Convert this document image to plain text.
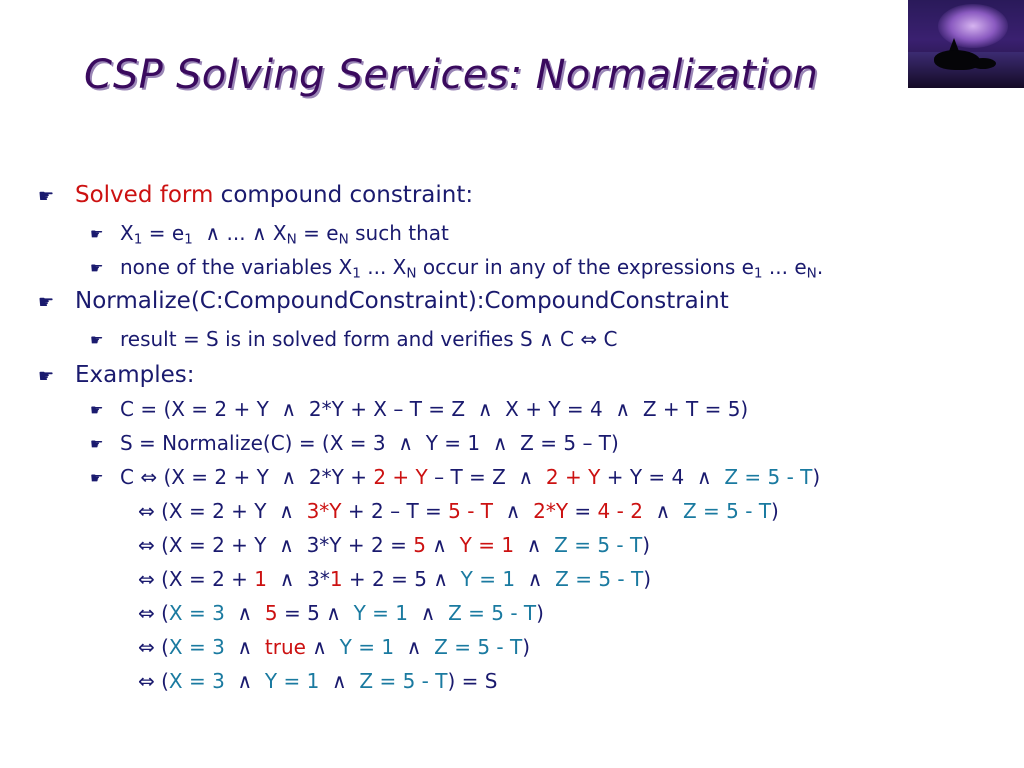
CSP Solving Services: Normalization
☛ Solved form compound constraint:
☛ $X_1 = e_1$  ∧ ... ∧ $X_N = e_N$ such that
☛ none of the variables $X_1$ ... $X_N$ occur in any of the expressions $e_1$ ... $e_N$.
☛ Normalize(C:CompoundConstraint):CompoundConstraint
☛ result = S is in solved form and verifies S ∧ C ⇔ C
☛ Examples:
☛ C = (X = 2 + Y  ∧  2*Y + X – T = Z  ∧  X + Y = 4  ∧  Z + T = 5)
☛ S = Normalize(C) = (X = 3  ∧  Y = 1  ∧  Z = 5 – T)
☛ C ⇔ (X = 2 + Y  ∧  2*Y + 2 + Y – T = Z  ∧  2 + Y + Y = 4  ∧  Z = 5 - T)
⇔ (X = 2 + Y  ∧  3*Y + 2 – T = 5 - T  ∧  2*Y = 4 - 2  ∧  Z = 5 - T)
⇔ (X = 2 + Y  ∧  3*Y + 2 = 5 ∧  Y = 1  ∧  Z = 5 - T)
⇔ (X = 2 + 1  ∧  3*1 + 2 = 5 ∧  Y = 1  ∧  Z = 5 - T)
⇔ (X = 3  ∧  5 = 5 ∧  Y = 1  ∧  Z = 5 - T)
⇔ (X = 3  ∧  true ∧  Y = 1  ∧  Z = 5 - T)
⇔ (X = 3  ∧  Y = 1  ∧  Z = 5 - T) = S
